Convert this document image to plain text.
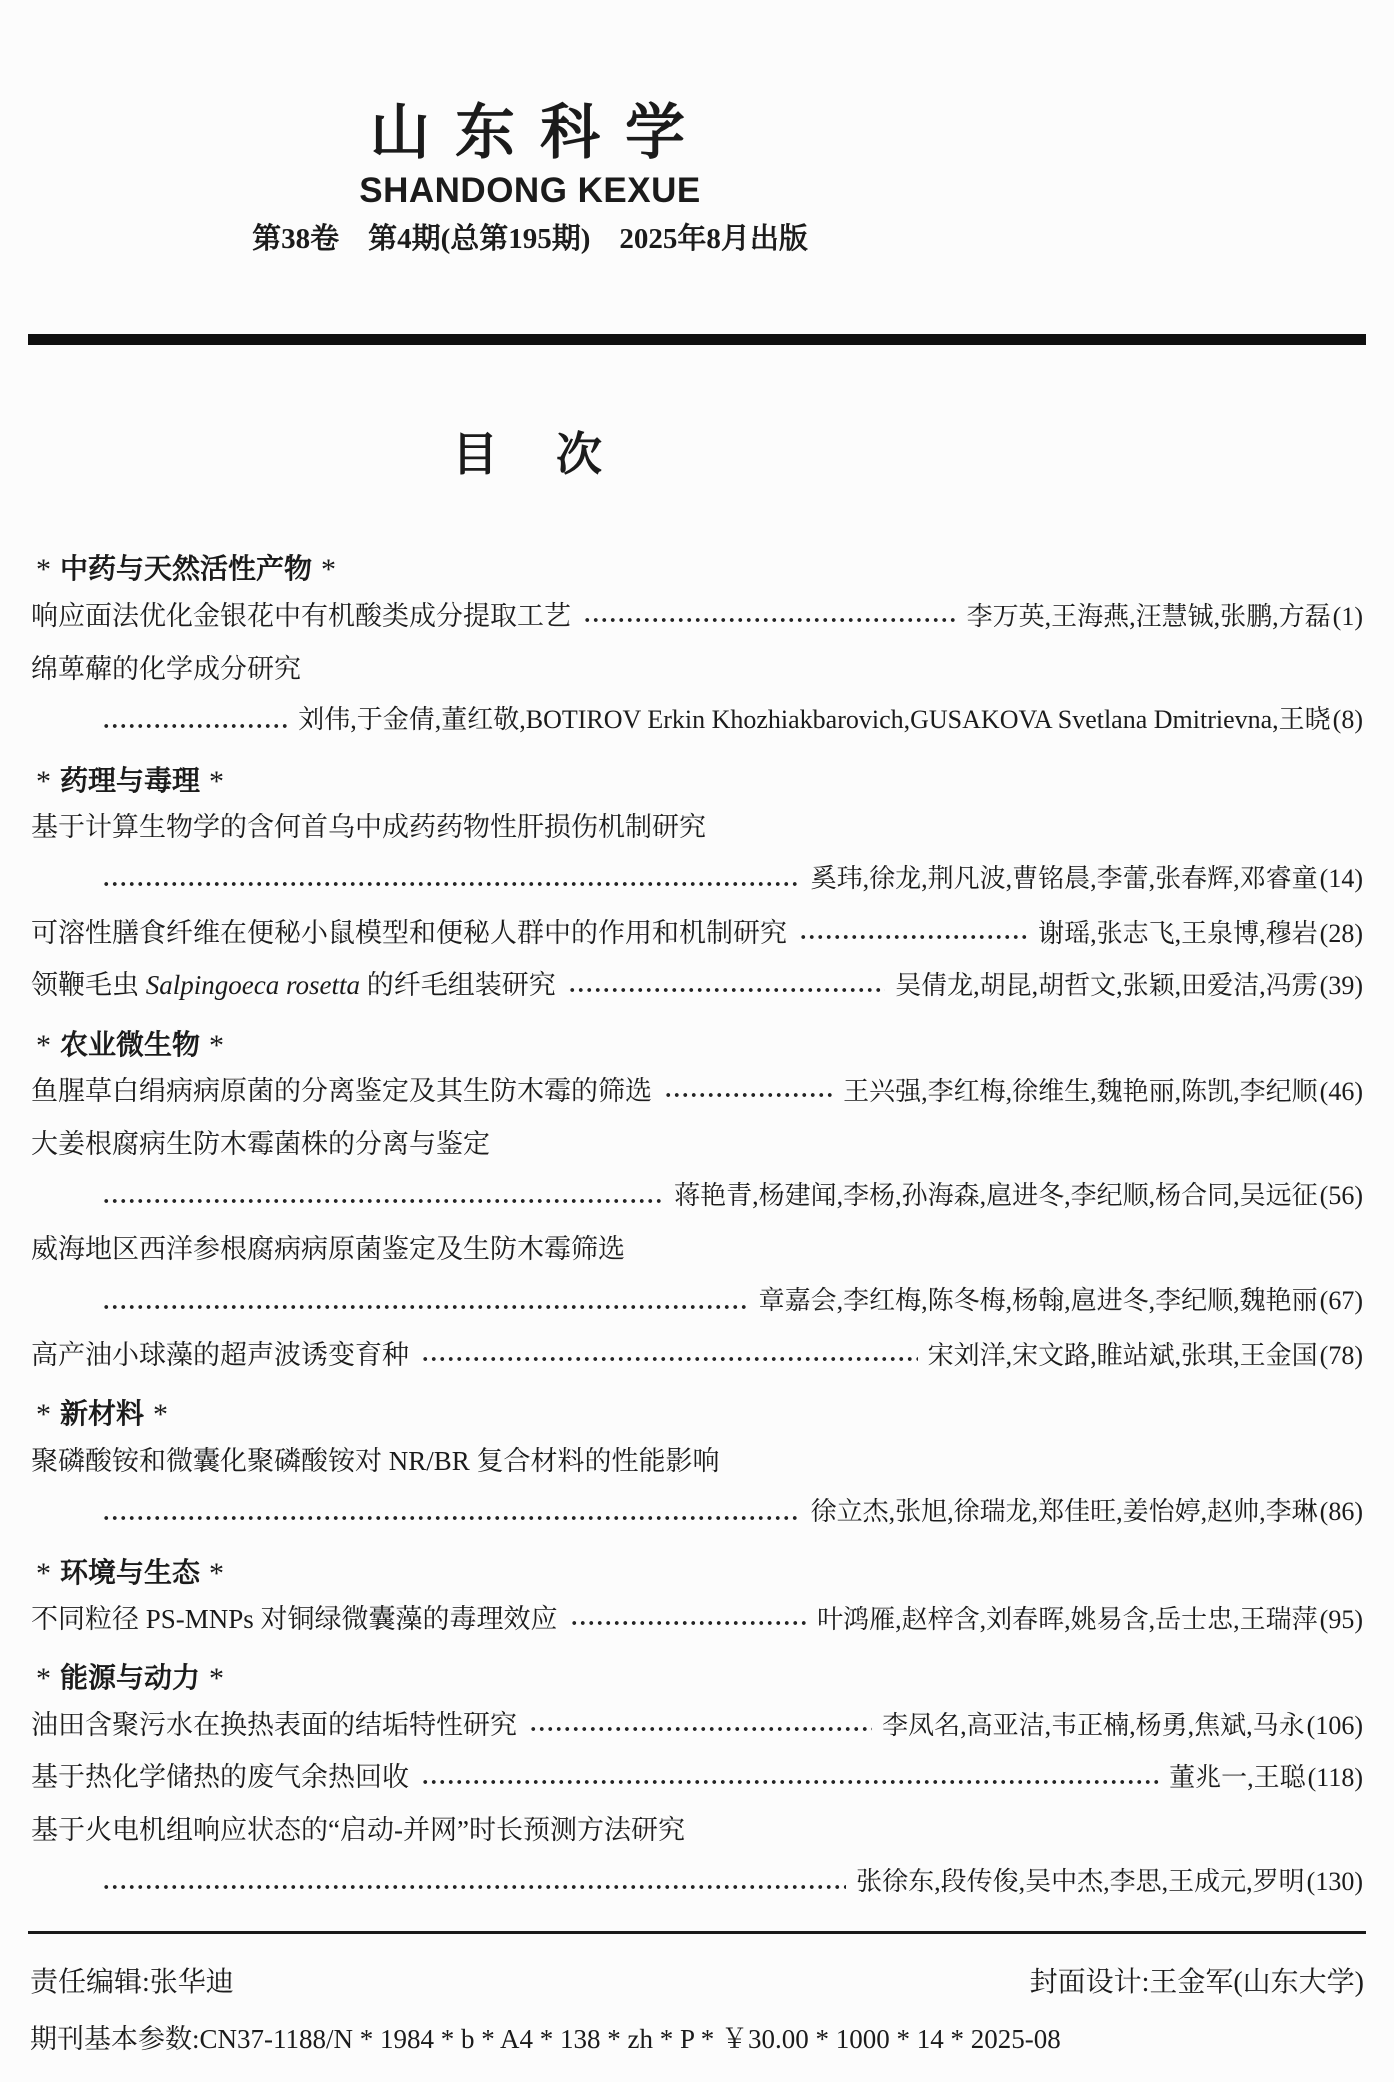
山 东 科 学
SHANDONG KEXUE
第38卷　第4期(总第195期)　2025年8月出版
目　次
* 中药与天然活性产物 *
响应面法优化金银花中有机酸类成分提取工艺	李万英,王海燕,汪慧铖,张鹏,方磊 (1)
绵萆薢的化学成分研究
刘伟,于金倩,董红敬,BOTIROV Erkin Khozhiakbarovich,GUSAKOVA Svetlana Dmitrievna,王晓 (8)
* 药理与毒理 *
基于计算生物学的含何首乌中成药药物性肝损伤机制研究
奚玮,徐龙,荆凡波,曹铭晨,李蕾,张春辉,邓睿童 (14)
可溶性膳食纤维在便秘小鼠模型和便秘人群中的作用和机制研究	谢瑶,张志飞,王泉博,穆岩 (28)
领鞭毛虫 Salpingoeca rosetta 的纤毛组装研究	吴倩龙,胡昆,胡哲文,张颖,田爱洁,冯雳 (39)
* 农业微生物 *
鱼腥草白绢病病原菌的分离鉴定及其生防木霉的筛选	王兴强,李红梅,徐维生,魏艳丽,陈凯,李纪顺 (46)
大姜根腐病生防木霉菌株的分离与鉴定
蒋艳青,杨建闻,李杨,孙海森,扈进冬,李纪顺,杨合同,吴远征 (56)
威海地区西洋参根腐病病原菌鉴定及生防木霉筛选
章嘉会,李红梅,陈冬梅,杨翰,扈进冬,李纪顺,魏艳丽 (67)
高产油小球藻的超声波诱变育种	宋刘洋,宋文路,睢站斌,张琪,王金国 (78)
* 新材料 *
聚磷酸铵和微囊化聚磷酸铵对 NR/BR 复合材料的性能影响
徐立杰,张旭,徐瑞龙,郑佳旺,姜怡婷,赵帅,李琳 (86)
* 环境与生态 *
不同粒径 PS-MNPs 对铜绿微囊藻的毒理效应	叶鸿雁,赵梓含,刘春晖,姚易含,岳士忠,王瑞萍 (95)
* 能源与动力 *
油田含聚污水在换热表面的结垢特性研究	李凤名,高亚洁,韦正楠,杨勇,焦斌,马永 (106)
基于热化学储热的废气余热回收	董兆一,王聪 (118)
基于火电机组响应状态的“启动-并网”时长预测方法研究
张徐东,段传俊,吴中杰,李思,王成元,罗明 (130)
责任编辑:张华迪	封面设计:王金军(山东大学)
期刊基本参数:CN37-1188/N * 1984 * b * A4 * 138 * zh * P * ￥30.00 * 1000 * 14 * 2025-08
